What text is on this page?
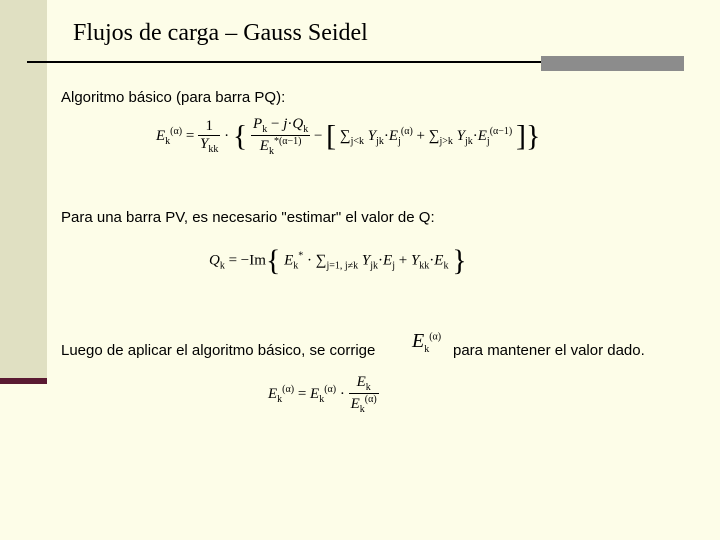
Flujos de carga – Gauss Seidel
Algoritmo básico (para barra PQ):
$E_k^{(\alpha)} = \frac{1}{Y_{kk}}$ · { $\frac{P_k - j\cdot Q_k}{E_k^{*(\alpha-1)}}$ − [ $\sum_{j<k}$ $Y_{jk}\cdot E_j^{(\alpha)} + \sum_{j>k}$ $Y_{jk}\cdot E_j^{(\alpha-1)}$ ]}
Para una barra PV, es necesario "estimar" el valor de Q:
$Q_k = -Im${ $E_k^* \cdot \sum_{j=1, j\ne k}$ $Y_{jk}\cdot E_j + Y_{kk}\cdot E_k$ }
Luego de aplicar el algoritmo básico, se corrige $E_k^{(\alpha)}$
para mantener el valor dado.
$E_k^{(\alpha)} = E_k^{(\alpha)} \cdot \frac{E_k}{E_k^{(\alpha)}}$
